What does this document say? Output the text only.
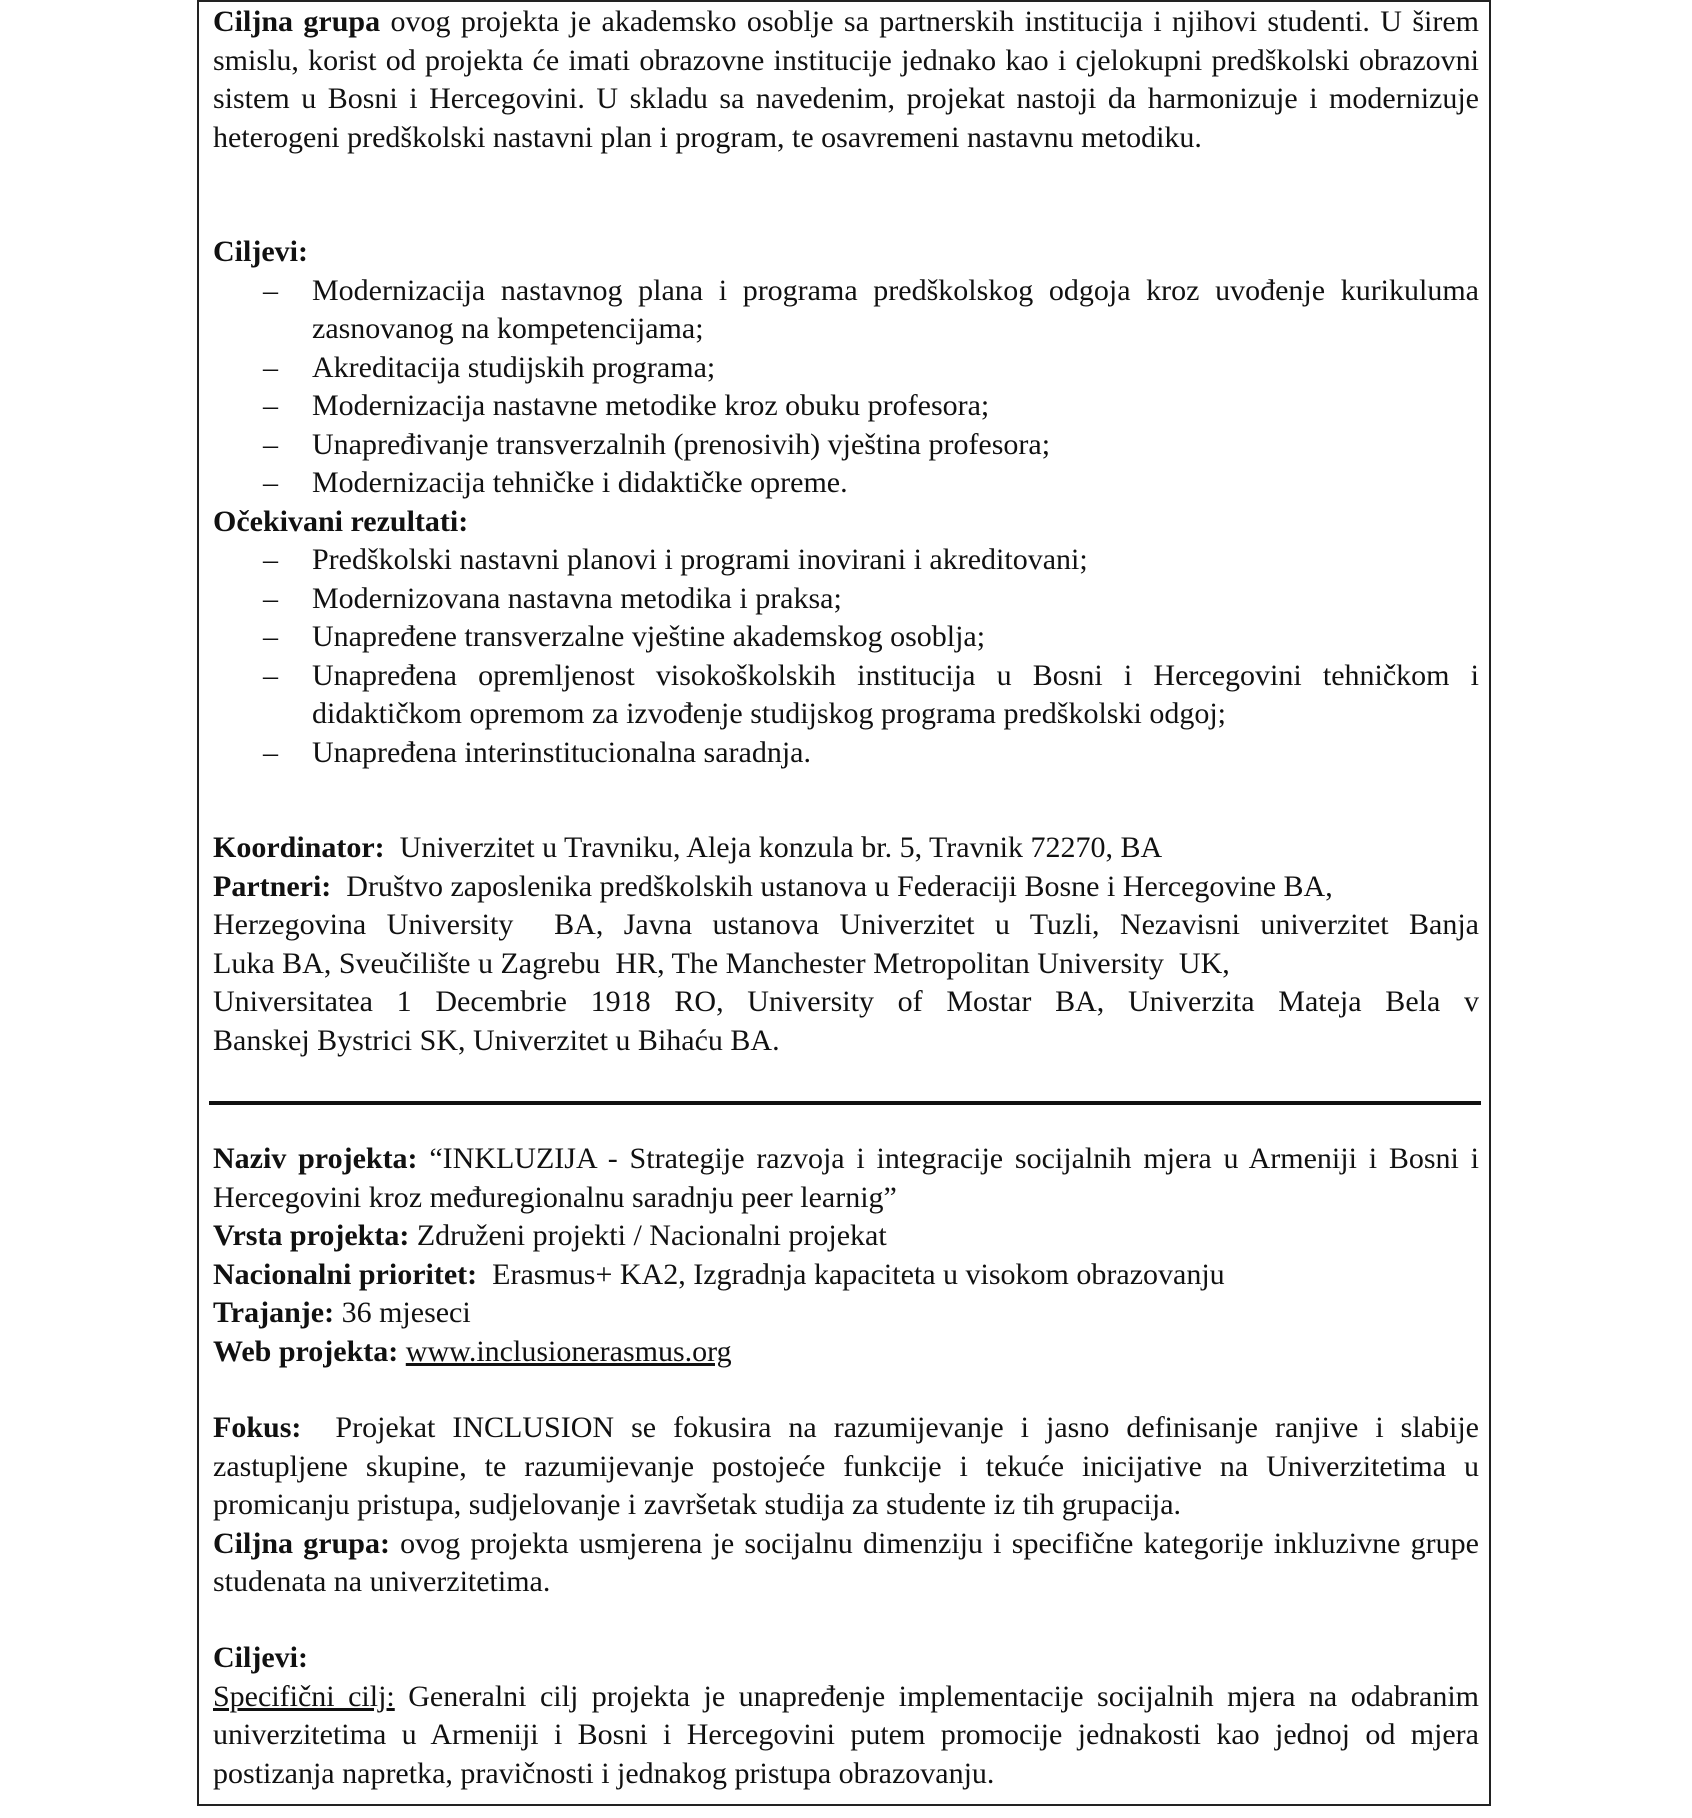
Ciljna grupa ovog projekta je akademsko osoblje sa partnerskih institucija i njihovi studenti. U širem smislu, korist od projekta će imati obrazovne institucije jednako kao i cjelokupni predškolski obrazovni sistem u Bosni i Hercegovini. U skladu sa navedenim, projekat nastoji da harmonizuje i modernizuje heterogeni predškolski nastavni plan i program, te osavremeni nastavnu metodiku.
Ciljevi:
– Modernizacija nastavnog plana i programa predškolskog odgoja kroz uvođenje kurikuluma zasnovanog na kompetencijama;
– Akreditacija studijskih programa;
– Modernizacija nastavne metodike kroz obuku profesora;
– Unapređivanje transverzalnih (prenosivih) vještina profesora;
– Modernizacija tehničke i didaktičke opreme.
Očekivani rezultati:
– Predškolski nastavni planovi i programi inovirani i akreditovani;
– Modernizovana nastavna metodika i praksa;
– Unapređene transverzalne vještine akademskog osoblja;
– Unapređena opremljenost visokoškolskih institucija u Bosni i Hercegovini tehničkom i didaktičkom opremom za izvođenje studijskog programa predškolski odgoj;
– Unapređena interinstitucionalna saradnja.
Koordinator:  Univerzitet u Travniku, Aleja konzula br. 5, Travnik 72270, BA
Partneri:  Društvo zaposlenika predškolskih ustanova u Federaciji Bosne i Hercegovine BA,
Herzegovina University  BA, Javna ustanova Univerzitet u Tuzli, Nezavisni univerzitet Banja
Luka BA, Sveučilište u Zagrebu  HR, The Manchester Metropolitan University  UK,
Universitatea 1 Decembrie 1918 RO, University of Mostar BA, Univerzita Mateja Bela v
Banskej Bystrici SK, Univerzitet u Bihaću BA.
Naziv projekta: “INKLUZIJA - Strategije razvoja i integracije socijalnih mjera u Armeniji i Bosni i Hercegovini kroz međuregionalnu saradnju peer learnig”
Vrsta projekta: Združeni projekti / Nacionalni projekat
Nacionalni prioritet:  Erasmus+ KA2, Izgradnja kapaciteta u visokom obrazovanju
Trajanje: 36 mjeseci
Web projekta: www.inclusionerasmus.org
Fokus:  Projekat INCLUSION se fokusira na razumijevanje i jasno definisanje ranjive i slabije zastupljene skupine, te razumijevanje postojeće funkcije i tekuće inicijative na Univerzitetima u promicanju pristupa, sudjelovanje i završetak studija za studente iz tih grupacija.
Ciljna grupa: ovog projekta usmjerena je socijalnu dimenziju i specifične kategorije inkluzivne grupe studenata na univerzitetima.
Ciljevi:
Specifični cilj: Generalni cilj projekta je unapređenje implementacije socijalnih mjera na odabranim univerzitetima u Armeniji i Bosni i Hercegovini putem promocije jednakosti kao jednoj od mjera postizanja napretka, pravičnosti i jednakog pristupa obrazovanju.
